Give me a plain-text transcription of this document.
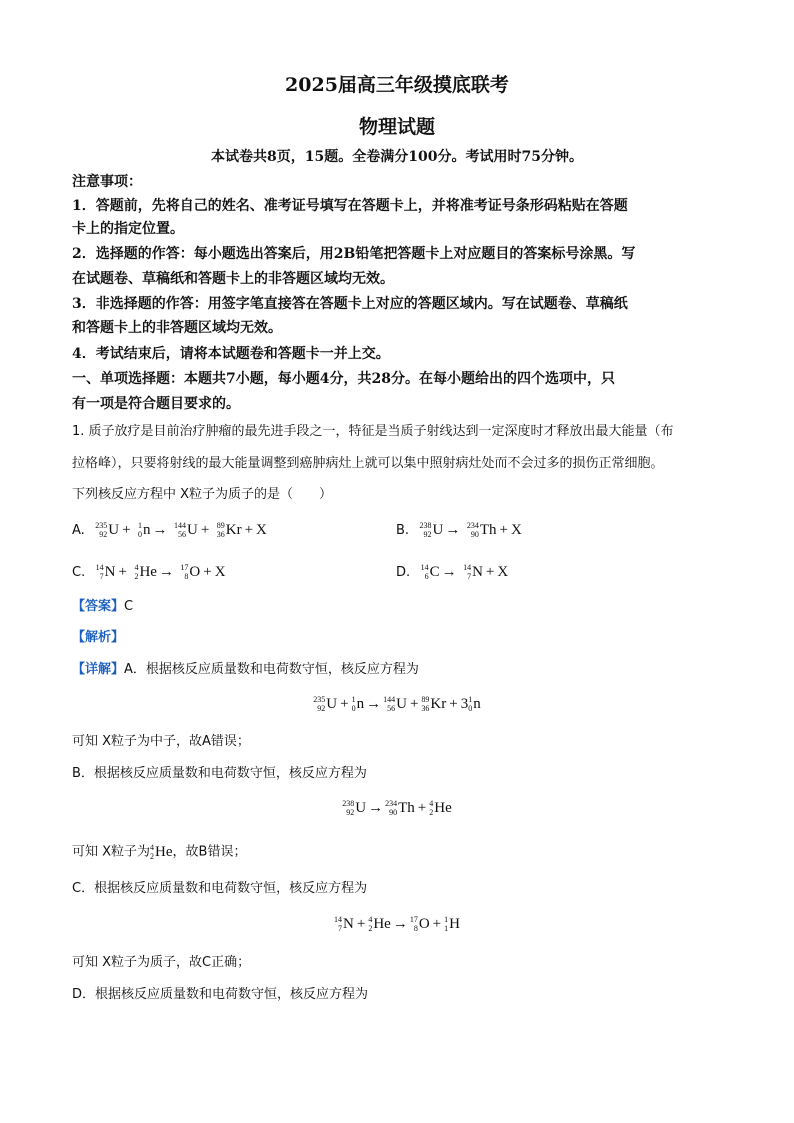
2025届高三年级摸底联考
物理试题
本试卷共8页，15题。全卷满分100分。考试用时75分钟。
注意事项：
1．答题前，先将自己的姓名、准考证号填写在答题卡上，并将准考证号条形码粘贴在答题
卡上的指定位置。
2．选择题的作答：每小题选出答案后，用2B铅笔把答题卡上对应题目的答案标号涂黑。写
在试题卷、草稿纸和答题卡上的非答题区域均无效。
3．非选择题的作答：用签字笔直接答在答题卡上对应的答题区域内。写在试题卷、草稿纸
和答题卡上的非答题区域均无效。
4．考试结束后，请将本试题卷和答题卡一并上交。
一、单项选择题：本题共7小题，每小题4分，共28分。在每小题给出的四个选项中，只
有一项是符合题目要求的。
1. 质子放疗是目前治疗肿瘤的最先进手段之一，特征是当质子射线达到一定深度时才释放出最大能量（布
拉格峰），只要将射线的最大能量调整到癌肿病灶上就可以集中照射病灶处而不会过多的损伤正常细胞。
下列核反应方程中 X粒子为质子的是（　　）
A. 235
92 U + 1
0 n → 144
56 U + 89
36 Kr + X	B. 238
92 U → 234
90 Th + X
C. 14
7 N + 4
2 He → 17
8 O + X	D. 14
6 C → 14
7 N + X
【答案】C
【解析】
【详解】A．根据核反应质量数和电荷数守恒，核反应方程为
235
92 U + 1
0 n → 144
56 U + 89
36 Kr + 3 1
0 n
可知 X粒子为中子，故A错误；
B．根据核反应质量数和电荷数守恒，核反应方程为
238
92 U → 234
90 Th + 4
2 He
可知 X粒子为 4
2 He ，故B错误；
C．根据核反应质量数和电荷数守恒，核反应方程为
14
7 N + 4
2 He → 17
8 O + 1
1 H
可知 X粒子为质子，故C正确；
D．根据核反应质量数和电荷数守恒，核反应方程为
